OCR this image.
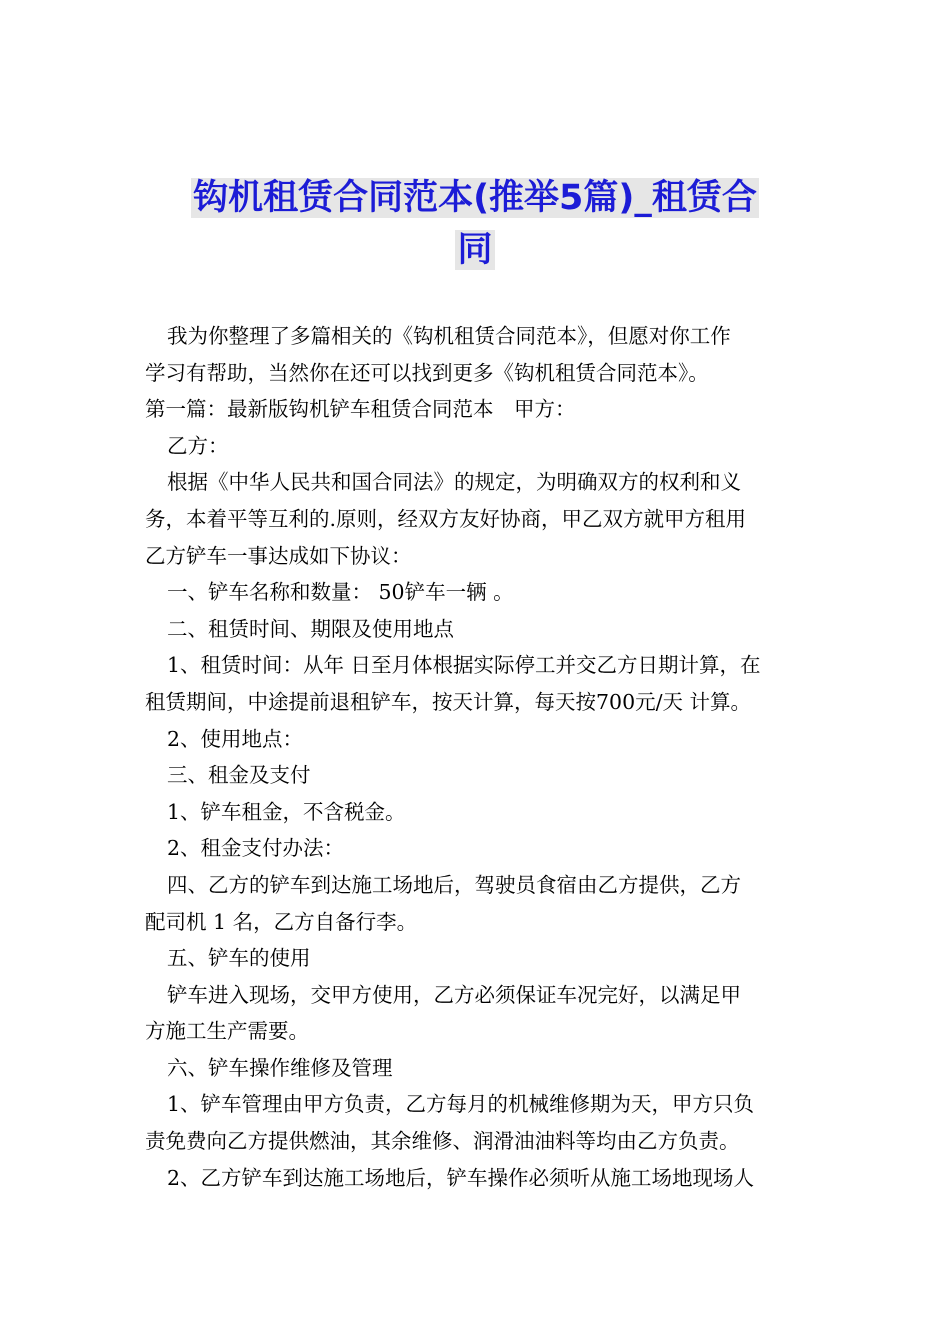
钩机租赁合同范本(推举5篇)_租赁合
同
我为你整理了多篇相关的《钩机租赁合同范本》，但愿对你工作
学习有帮助，当然你在还可以找到更多《钩机租赁合同范本》。
第一篇：最新版钩机铲车租赁合同范本　甲方：
乙方：
根据《中华人民共和国合同法》的规定，为明确双方的权利和义
务，本着平等互利的.原则，经双方友好协商，甲乙双方就甲方租用
乙方铲车一事达成如下协议：
一、铲车名称和数量： 50铲车一辆 。
二、租赁时间、期限及使用地点
1、租赁时间：从年 日至月体根据实际停工并交乙方日期计算，在
租赁期间，中途提前退租铲车，按天计算，每天按700元/天 计算。
2、使用地点：
三、租金及支付
1、铲车租金，不含税金。
2、租金支付办法：
四、乙方的铲车到达施工场地后，驾驶员食宿由乙方提供，乙方
配司机 1 名，乙方自备行李。
五、铲车的使用
铲车进入现场，交甲方使用，乙方必须保证车况完好，以满足甲
方施工生产需要。
六、铲车操作维修及管理
1、铲车管理由甲方负责，乙方每月的机械维修期为天，甲方只负
责免费向乙方提供燃油，其余维修、润滑油油料等均由乙方负责。
2、乙方铲车到达施工场地后，铲车操作必须听从施工场地现场人
